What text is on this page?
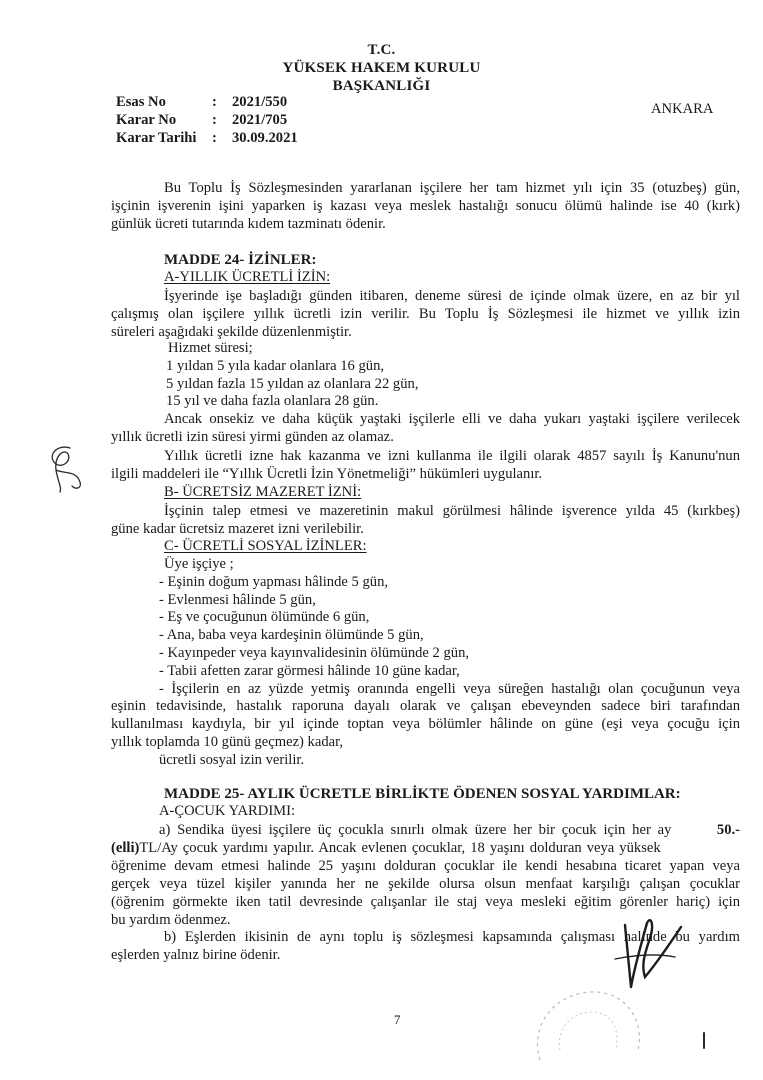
T.C.
YÜKSEK HAKEM KURULU
BAŞKANLIĞI
ANKARA
Esas No	: 2021/550
Karar No : 2021/705
Karar Tarihi : 30.09.2021
Bu Toplu İş Sözleşmesinden yararlanan işçilere her tam hizmet yılı için 35 (otuzbeş) gün,
işçinin işverenin işini yaparken iş kazası veya meslek hastalığı sonucu ölümü halinde ise 40 (kırk)
günlük ücreti tutarında kıdem tazminatı ödenir.
MADDE 24- İZİNLER:
A-YILLIK ÜCRETLİ İZİN:
İşyerinde işe başladığı günden itibaren, deneme süresi de içinde olmak üzere, en az bir yıl
çalışmış olan işçilere yıllık ücretli izin verilir. Bu Toplu İş Sözleşmesi ile hizmet ve yıllık izin
süreleri aşağıdaki şekilde düzenlenmiştir.
Hizmet süresi;
1 yıldan 5 yıla kadar olanlara 16 gün,
5 yıldan fazla 15 yıldan az olanlara 22 gün,
15 yıl ve daha fazla olanlara 28 gün.
Ancak onsekiz ve daha küçük yaştaki işçilerle elli ve daha yukarı yaştaki işçilere verilecek
yıllık ücretli izin süresi yirmi günden az olamaz.
Yıllık ücretli izne hak kazanma ve izni kullanma ile ilgili olarak 4857 sayılı İş Kanunu'nun
ilgili maddeleri ile “Yıllık Ücretli İzin Yönetmeliği” hükümleri uygulanır.
B- ÜCRETSİZ MAZERET İZNİ:
İşçinin talep etmesi ve mazeretinin makul görülmesi hâlinde işverence yılda 45 (kırkbeş)
güne kadar ücretsiz mazeret izni verilebilir.
C- ÜCRETLİ SOSYAL İZİNLER:
Üye işçiye ;
- Eşinin doğum yapması hâlinde 5 gün,
- Evlenmesi hâlinde 5 gün,
- Eş ve çocuğunun ölümünde 6 gün,
- Ana, baba veya kardeşinin ölümünde 5 gün,
- Kayınpeder veya kayınvalidesinin ölümünde 2 gün,
- Tabii afetten zarar görmesi hâlinde 10 güne kadar,
- İşçilerin en az yüzde yetmiş oranında engelli veya süreğen hastalığı olan çocuğunun veya
eşinin tedavisinde, hastalık raporuna dayalı olarak ve çalışan ebeveynden sadece biri tarafından
kullanılması kaydıyla, bir yıl içinde toptan veya bölümler hâlinde on güne (eşi veya çocuğu için
yıllık toplamda 10 günü geçmez) kadar,
ücretli sosyal izin verilir.
MADDE 25- AYLIK ÜCRETLE BİRLİKTE ÖDENEN SOSYAL YARDIMLAR:
A-ÇOCUK YARDIMI:
a) Sendika üyesi işçilere üç çocukla sınırlı olmak üzere her bir çocuk için her ay	50.-
(elli)TL/Ay çocuk yardımı yapılır. Ancak evlenen çocuklar, 18 yaşını dolduran veya yüksek
öğrenime devam etmesi halinde 25 yaşını dolduran çocuklar ile kendi hesabına ticaret yapan veya
gerçek veya tüzel kişiler yanında her ne şekilde olursa olsun menfaat karşılığı çalışan çocuklar
(öğrenim görmekte iken tatil devresinde çalışanlar ile staj veya mesleki eğitim görenler hariç) için
bu yardım ödenmez.
b) Eşlerden ikisinin de aynı toplu iş sözleşmesi kapsamında çalışması halinde bu yardım
eşlerden yalnız birine ödenir.
7
